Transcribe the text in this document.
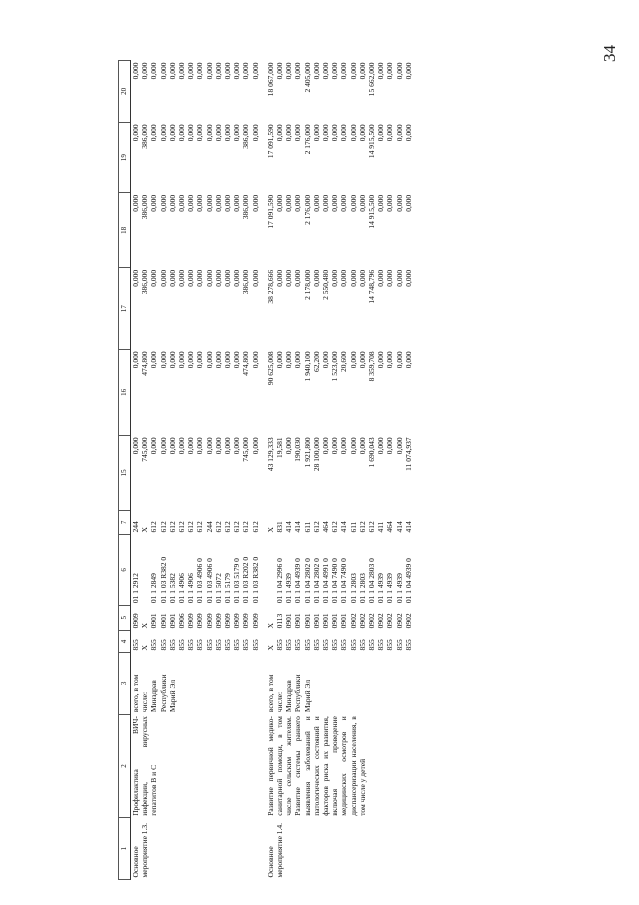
34
1	2	3	4	5	6	7	15	16	17	18	19	20
Основное мероприятие 1.3.	Профилактика ВИЧ-инфекции, вирусных гепатитов В и С	всего, в том числе: Минздрав Республики Марий Эл	855	0909	01 1 2912	244	0,000	0,000	0,000	0,000	0,000	0,000
			Х	Х		Х	745,000	474,800	386,000	386,000	386,000	0,000
			855	0901	01 1 2849	612	0,000	0,000	0,000	0,000	0,000	0,000
			855	0901	01 1 03 R382 0	612	0,000	0,000	0,000	0,000	0,000	0,000
			855	0901	01 1 5382	612	0,000	0,000	0,000	0,000	0,000	0,000
			855	0906	01 1 4906	612	0,000	0,000	0,000	0,000	0,000	0,000
			855	0909	01 1 4906	612	0,000	0,000	0,000	0,000	0,000	0,000
			855	0909	01 1 03 4906 0	612	0,000	0,000	0,000	0,000	0,000	0,000
			855	0909	01 1 03 4906 0	244	0,000	0,000	0,000	0,000	0,000	0,000
			855	0909	01 1 5072	612	0,000	0,000	0,000	0,000	0,000	0,000
			855	0909	01 1 5179	612	0,000	0,000	0,000	0,000	0,000	0,000
			855	0909	01 1 03 5179 0	612	0,000	0,000	0,000	0,000	0,000	0,000
			855	0909	01 1 03 R202 0	612	745,000	474,800	386,000	386,000	386,000	0,000
			855	0909	01 1 03 R382 0	612	0,000	0,000	0,000	0,000	0,000	0,000

Основное мероприятие 1.4.	Развитие первичной медико-санитарной помощи, в том числе сельским жителям. Развитие системы раннего выявления заболеваний и патологических состояний и факторов риска их развития, включая проведение медицинских осмотров и диспансеризации населения, в том числе у детей	всего, в том числе: Минздрав Республики Марий Эл	Х	Х		Х	43 129,333	90 625,008	38 278,666	17 091,590	17 091,590	18 067,000
			855	0113	01 1 04 2996 0	831	19,581	0,000	0,000	0,000	0,000	0,000
			855	0901	01 1 4939	414	0,000	0,000	0,000	0,000	0,000	0,000
			855	0901	01 1 04 4939 0	414	190,030	0,000	0,000	0,000	0,000	0,000
			855	0901	01 1 04 2802 0	611	1 921,800	1 940,100	2 178,000	2 176,000	2 176,000	2 405,000
			855	0901	01 1 04 2802 0	612	28 100,000	62,200	0,000	0,000	0,000	0,000
			855	0901	01 1 04 4991 0	464	0,000	0,000	2 550,480	0,000	0,000	0,000
			855	0901	01 1 04 7490 0	612	0,000	1 523,000	0,000	0,000	0,000	0,000
			855	0901	01 1 04 7490 0	414	0,000	20,600	0,000	0,000	0,000	0,000
			855	0902	01 1 2803	611	0,000	0,000	0,000	0,000	0,000	0,000
			855	0902	01 1 2803	612	0,000	0,000	0,000	0,000	0,000	0,000
			855	0902	01 1 04 2803 0	612	1 690,043	8 359,708	14 748,796	14 915,500	14 915,500	15 662,000
			855	0902	01 1 4939	411	0,000	0,000	0,000	0,000	0,000	0,000
			855	0902	01 1 4939	464	0,000	0,000	0,000	0,000	0,000	0,000
			855	0902	01 1 4939	414	0,000	0,000	0,000	0,000	0,000	0,000
			855	0902	01 1 04 4939 0	414	11 074,937	0,000	0,000	0,000	0,000	0,000
